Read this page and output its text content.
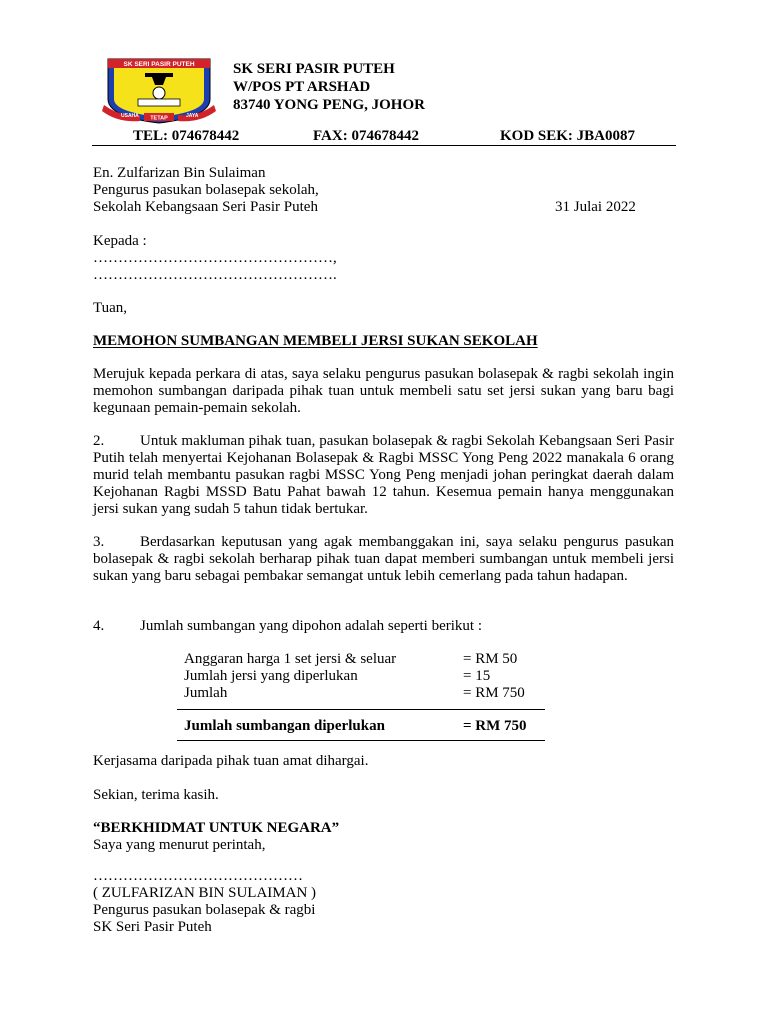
SK SERI PASIR PUTEH
USAHA TETAP	JAYA
SK SERI PASIR PUTEH
W/POS PT ARSHAD
83740 YONG PENG, JOHOR
TEL: 074678442	FAX: 074678442	KOD SEK: JBA0087
En. Zulfarizan Bin Sulaiman
Pengurus pasukan bolasepak sekolah,
Sekolah Kebangsaan Seri Pasir Puteh	31 Julai 2022
Kepada :
…………………………………………,
………………………………………….
Tuan,
MEMOHON SUMBANGAN MEMBELI JERSI SUKAN SEKOLAH
Merujuk kepada perkara di atas, saya selaku pengurus pasukan bolasepak & ragbi sekolah ingin memohon sumbangan daripada pihak tuan untuk membeli satu set jersi sukan yang baru bagi kegunaan pemain-pemain sekolah.
2. Untuk makluman pihak tuan, pasukan bolasepak & ragbi Sekolah Kebangsaan Seri Pasir Putih telah menyertai Kejohanan Bolasepak & Ragbi MSSC Yong Peng 2022 manakala 6 orang murid telah membantu pasukan ragbi MSSC Yong Peng menjadi johan peringkat daerah dalam Kejohanan Ragbi MSSD Batu Pahat bawah 12 tahun. Kesemua pemain hanya menggunakan jersi sukan yang sudah 5 tahun tidak bertukar.
3. Berdasarkan keputusan yang agak membanggakan ini, saya selaku pengurus pasukan bolasepak & ragbi sekolah berharap pihak tuan dapat memberi sumbangan untuk membeli jersi sukan yang baru sebagai pembakar semangat untuk lebih cemerlang pada tahun hadapan.
4. Jumlah sumbangan yang dipohon adalah seperti berikut :
Anggaran harga 1 set jersi & seluar	= RM 50
Jumlah jersi yang diperlukan	= 15
Jumlah	= RM 750
Jumlah sumbangan diperlukan	= RM 750
Kerjasama daripada pihak tuan amat dihargai.
Sekian, terima kasih.
“BERKHIDMAT UNTUK NEGARA”
Saya yang menurut perintah,
……………………………………
( ZULFARIZAN BIN SULAIMAN )
Pengurus pasukan bolasepak & ragbi
SK Seri Pasir Puteh
